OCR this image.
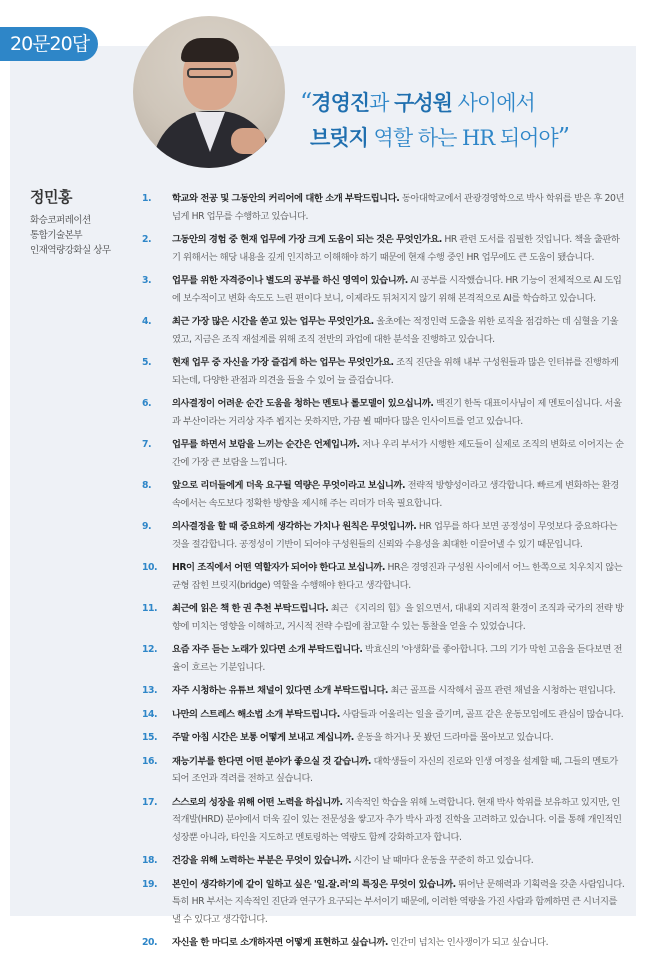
20문20답
“경영진과 구성원 사이에서
브릿지 역할 하는 HR 되어야”
정민홍
화승코퍼레이션
통합기술본부
인재역량강화실 상무
1. 학교와 전공 및 그동안의 커리어에 대한 소개 부탁드립니다. 동아대학교에서 관광경영학으로 박사 학위를 받은 후 20년 넘게 HR 업무를 수행하고 있습니다.
2. 그동안의 경험 중 현재 업무에 가장 크게 도움이 되는 것은 무엇인가요. HR 관련 도서를 집필한 것입니다. 책을 출판하기 위해서는 해당 내용을 깊게 인지하고 이해해야 하기 때문에 현재 수행 중인 HR 업무에도 큰 도움이 됐습니다.
3. 업무를 위한 자격증이나 별도의 공부를 하신 영역이 있습니까. AI 공부를 시작했습니다. HR 기능이 전체적으로 AI 도입에 보수적이고 변화 속도도 느린 편이다 보니, 이제라도 뒤처지지 않기 위해 본격적으로 AI를 학습하고 있습니다.
4. 최근 가장 많은 시간을 쏟고 있는 업무는 무엇인가요. 올초에는 적정인력 도출을 위한 로직을 점검하는 데 심혈을 기울였고, 지금은 조직 재설계를 위해 조직 전반의 과업에 대한 분석을 진행하고 있습니다.
5. 현재 업무 중 자신을 가장 즐겁게 하는 업무는 무엇인가요. 조직 진단을 위해 내부 구성원들과 많은 인터뷰를 진행하게 되는데, 다양한 관점과 의견을 들을 수 있어 늘 즐겁습니다.
6. 의사결정이 어려운 순간 도움을 청하는 멘토나 롤모델이 있으십니까. 백진기 한독 대표이사님이 제 멘토이십니다. 서울과 부산이라는 거리상 자주 뵙지는 못하지만, 가끔 뵐 때마다 많은 인사이트를 얻고 있습니다.
7. 업무를 하면서 보람을 느끼는 순간은 언제입니까. 저나 우리 부서가 시행한 제도들이 실제로 조직의 변화로 이어지는 순간에 가장 큰 보람을 느낍니다.
8. 앞으로 리더들에게 더욱 요구될 역량은 무엇이라고 보십니까. 전략적 방향성이라고 생각합니다. 빠르게 변화하는 환경 속에서는 속도보다 정확한 방향을 제시해 주는 리더가 더욱 필요합니다.
9. 의사결정을 할 때 중요하게 생각하는 가치나 원칙은 무엇입니까. HR 업무를 하다 보면 공정성이 무엇보다 중요하다는 것을 절감합니다. 공정성이 기반이 되어야 구성원들의 신뢰와 수용성을 최대한 이끌어낼 수 있기 때문입니다.
10. HR이 조직에서 어떤 역할자가 되어야 한다고 보십니까. HR은 경영진과 구성원 사이에서 어느 한쪽으로 치우치지 않는 균형 잡힌 브릿지(bridge) 역할을 수행해야 한다고 생각합니다.
11. 최근에 읽은 책 한 권 추천 부탁드립니다. 최근 《지리의 힘》을 읽으면서, 대내외 지리적 환경이 조직과 국가의 전략 방향에 미치는 영향을 이해하고, 거시적 전략 수립에 참고할 수 있는 통찰을 얻을 수 있었습니다.
12. 요즘 자주 듣는 노래가 있다면 소개 부탁드립니다. 박효신의 '야생화'를 좋아합니다. 그의 기가 막힌 고음을 듣다보면 전율이 흐르는 기분입니다.
13. 자주 시청하는 유튜브 채널이 있다면 소개 부탁드립니다. 최근 골프를 시작해서 골프 관련 채널을 시청하는 편입니다.
14. 나만의 스트레스 해소법 소개 부탁드립니다. 사람들과 어울리는 일을 즐기며, 골프 같은 운동모임에도 관심이 많습니다.
15. 주말 아침 시간은 보통 어떻게 보내고 계십니까. 운동을 하거나 못 봤던 드라마를 몰아보고 있습니다.
16. 재능기부를 한다면 어떤 분야가 좋으실 것 같습니까. 대학생들이 자신의 진로와 인생 여정을 설계할 때, 그들의 멘토가 되어 조언과 격려를 전하고 싶습니다.
17. 스스로의 성장을 위해 어떤 노력을 하십니까. 지속적인 학습을 위해 노력합니다. 현재 박사 학위를 보유하고 있지만, 인적개발(HRD) 분야에서 더욱 깊이 있는 전문성을 쌓고자 추가 박사 과정 진학을 고려하고 있습니다. 이를 통해 개인적인 성장뿐 아니라, 타인을 지도하고 멘토링하는 역량도 함께 강화하고자 합니다.
18. 건강을 위해 노력하는 부분은 무엇이 있습니까. 시간이 날 때마다 운동을 꾸준히 하고 있습니다.
19. 본인이 생각하기에 같이 일하고 싶은 '일.잘.러'의 특징은 무엇이 있습니까. 뛰어난 문해력과 기획력을 갖춘 사람입니다. 특히 HR 부서는 지속적인 진단과 연구가 요구되는 부서이기 때문에, 이러한 역량을 가진 사람과 함께하면 큰 시너지를 낼 수 있다고 생각합니다.
20. 자신을 한 마디로 소개하자면 어떻게 표현하고 싶습니까. 인간미 넘치는 인사쟁이가 되고 싶습니다.
